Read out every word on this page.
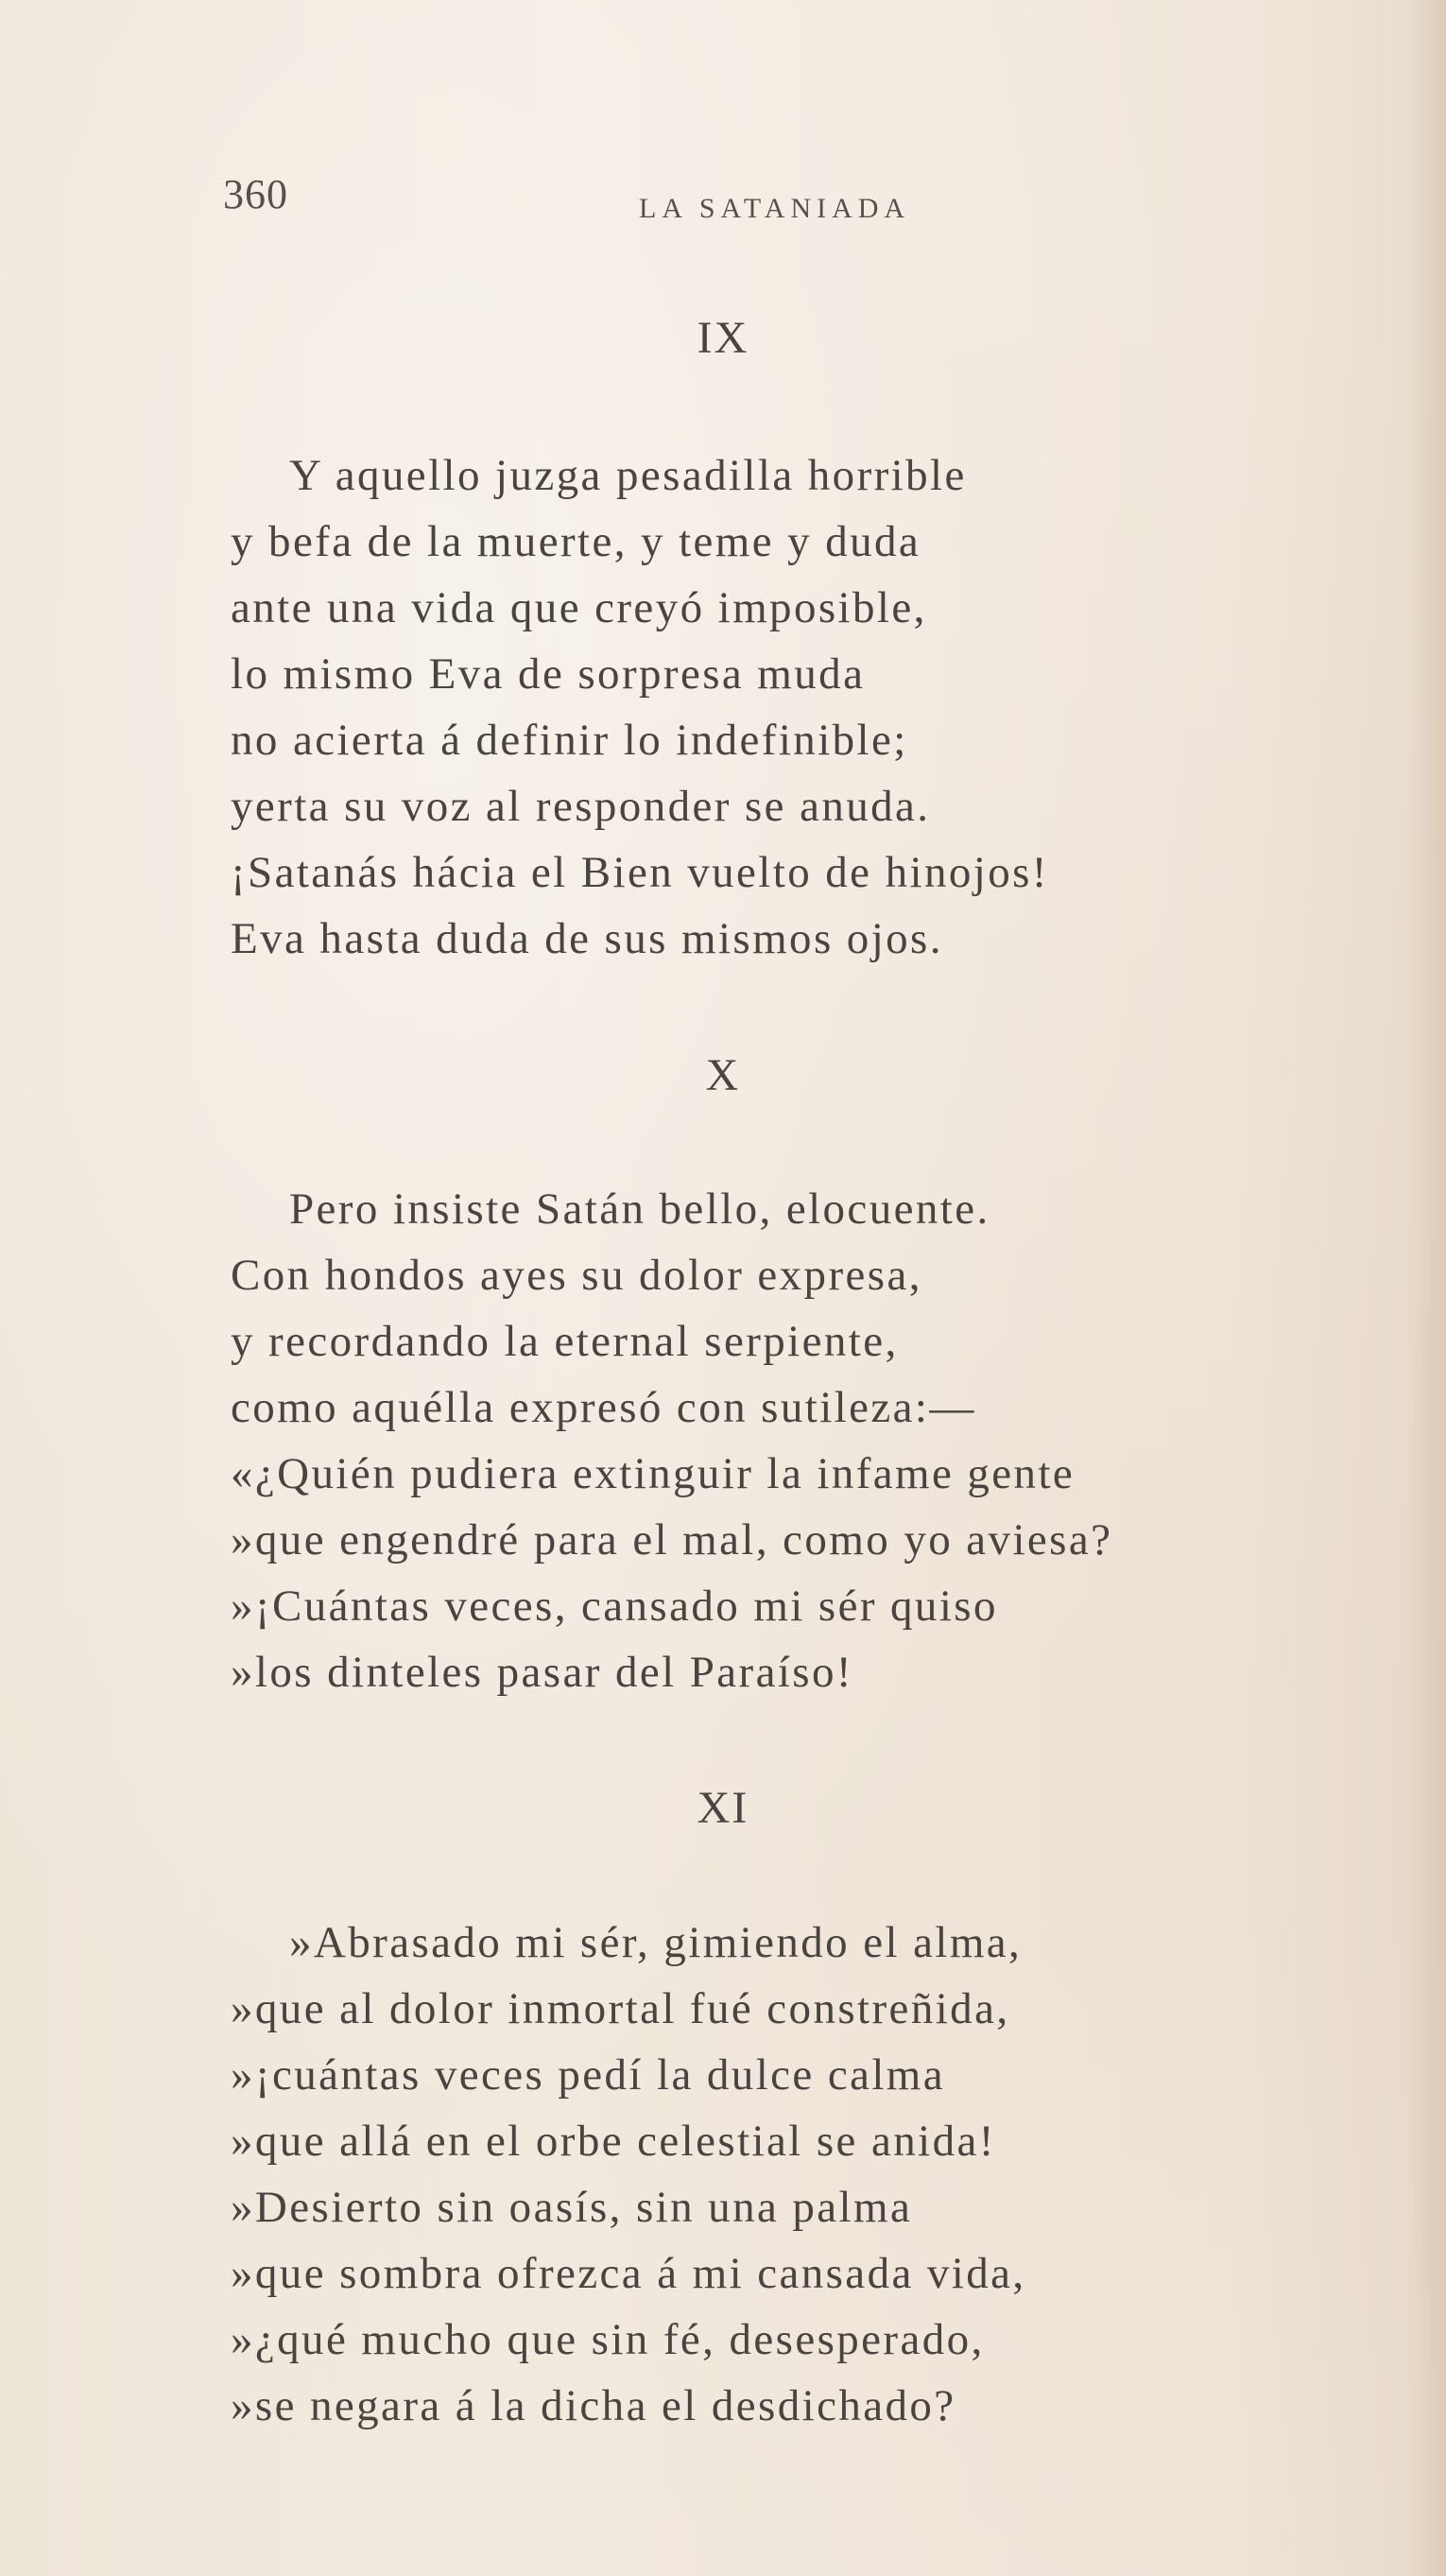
360	LA SATANIADA
IX
Y aquello juzga pesadilla horrible
y befa de la muerte, y teme y duda
ante una vida que creyó imposible,
lo mismo Eva de sorpresa muda
no acierta á definir lo indefinible;
yerta su voz al responder se anuda.
¡Satanás hácia el Bien vuelto de hinojos!
Eva hasta duda de sus mismos ojos.
X
Pero insiste Satán bello, elocuente.
Con hondos ayes su dolor expresa,
y recordando la eternal serpiente,
como aquélla expresó con sutileza:—
«¿Quién pudiera extinguir la infame gente
»que engendré para el mal, como yo aviesa?
»¡Cuántas veces, cansado mi sér quiso
»los dinteles pasar del Paraíso!
XI
»Abrasado mi sér, gimiendo el alma,
»que al dolor inmortal fué constreñida,
»¡cuántas veces pedí la dulce calma
»que allá en el orbe celestial se anida!
»Desierto sin oasís, sin una palma
»que sombra ofrezca á mi cansada vida,
»¿qué mucho que sin fé, desesperado,
»se negara á la dicha el desdichado?
